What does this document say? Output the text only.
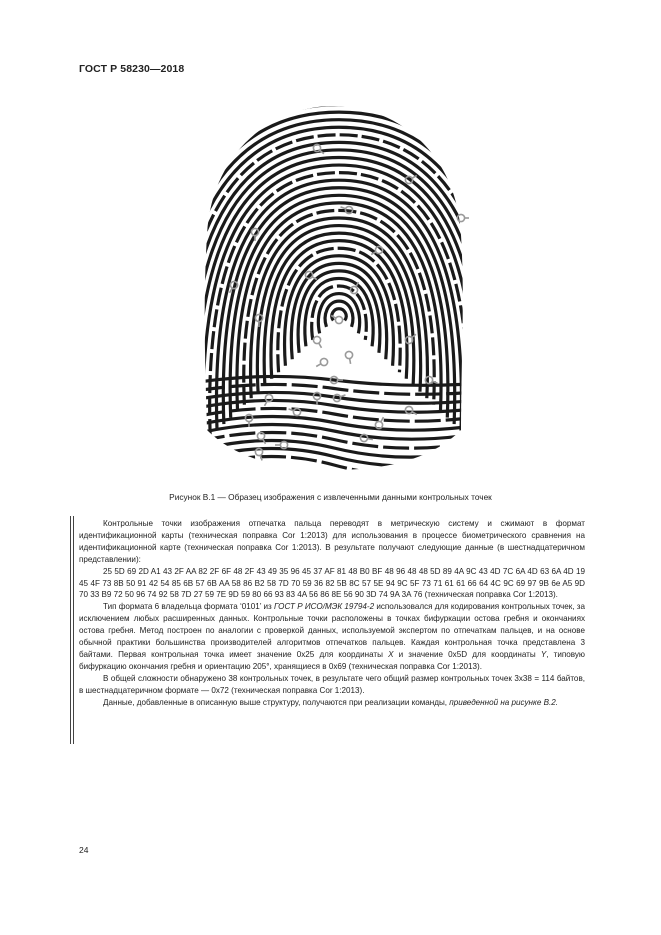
ГОСТ Р 58230—2018
Рисунок В.1 — Образец изображения с извлеченными данными контрольных точек

Контрольные точки изображения отпечатка пальца переводят в метрическую систему и сжимают в формат идентификационной карты (техническая поправка Cor 1:2013) для использования в процессе биометрического сравнения на идентификационной карте (техническая поправка Cor 1:2013). В результате получают следующие данные (в шестнадцатеричном представлении):

25 5D 69 2D A1 43 2F AA 82 2F 6F 48 2F 43 49 35 96 45 37 AF 81 48 B0 BF 48 96 48 48 5D 89 4A 9C 43 4D 7C 6A 4D 63 6A 4D 19 45 4F 73 8B 50 91 42 54 85 6B 57 6B AA 58 86 B2 58 7D 70 59 36 82 5B 8C 57 5E 94 9C 5F 73 71 61 61 66 64 4C 9C 69 97 9B 6e A5 9D 70 33 B9 72 50 96 74 92 58 7D 27 59 7E 9D 59 80 66 93 83 4A 56 86 8E 56 90 3D 74 9A 3A 76 (техническая поправка Cor 1:2013).

Тип формата 6 владельца формата ‘0101’ из ГОСТ Р ИСО/МЭК 19794-2 использовался для кодирования контрольных точек, за исключением любых расширенных данных. Контрольные точки расположены в точках бифуркации остова гребня и окончаниях остова гребня. Метод построен по аналогии с проверкой данных, используемой экспертом по отпечаткам пальцев, и на основе обычной практики большинства производителей алгоритмов отпечатков пальцев. Каждая контрольная точка представлена 3 байтами. Первая контрольная точка имеет значение 0x25 для координаты X и значение 0x5D для координаты Y, типовую бифуркацию окончания гребня и ориентацию 205°, хранящиеся в 0x69 (техническая поправка Cor 1:2013).

В общей сложности обнаружено 38 контрольных точек, в результате чего общий размер контрольных точек 3x38 = 114 байтов, в шестнадцатеричном формате — 0x72 (техническая поправка Cor 1:2013).

Данные, добавленные в описанную выше структуру, получаются при реализации команды, приведенной на рисунке В.2.

24
